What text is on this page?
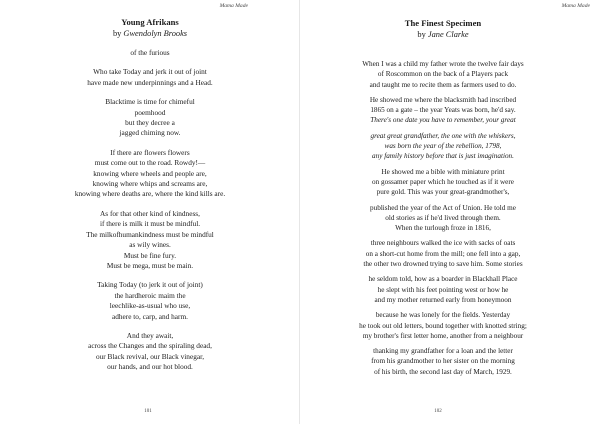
Mama Made
Young Afrikans
by Gwendolyn Brooks
of the furious
Who take Today and jerk it out of joint
have made new underpinnings and a Head.
Blacktime is time for chimeful
poemhood
but they decree a
jagged chiming now.
If there are flowers flowers
must come out to the road. Rowdy!—
knowing where wheels and people are,
knowing where whips and screams are,
knowing where deaths are, where the kind kills are.
As for that other kind of kindness,
if there is milk it must be mindful.
The milkofhumankindness must be mindful
as wily wines.
Must be fine fury.
Must be mega, must be main.
Taking Today (to jerk it out of joint)
the hardheroic maim the
leechlike-as-usual who use,
adhere to, carp, and harm.
And they await,
across the Changes and the spiraling dead,
our Black revival, our Black vinegar,
our hands, and our hot blood.
101
Mama Made
The Finest Specimen
by Jane Clarke
When I was a child my father wrote the twelve fair days
of Roscommon on the back of a Players pack
and taught me to recite them as farmers used to do.
He showed me where the blacksmith had inscribed
1865 on a gate – the year Yeats was born, he'd say.
There's one date you have to remember, your great
great great grandfather, the one with the whiskers,
was born the year of the rebellion, 1798,
any family history before that is just imagination.
He showed me a bible with miniature print
on gossamer paper which he touched as if it were
pure gold. This was your great-grandmother's,
published the year of the Act of Union. He told me
old stories as if he'd lived through them.
When the turlough froze in 1816,
three neighbours walked the ice with sacks of oats
on a short-cut home from the mill; one fell into a gap,
the other two drowned trying to save him. Some stories
he seldom told, how as a boarder in Blackhall Place
he slept with his feet pointing west or how he
and my mother returned early from honeymoon
because he was lonely for the fields. Yesterday
he took out old letters, bound together with knotted string;
my brother's first letter home, another from a neighbour
thanking my grandfather for a loan and the letter
from his grandmother to her sister on the morning
of his birth, the second last day of March, 1929.
102
